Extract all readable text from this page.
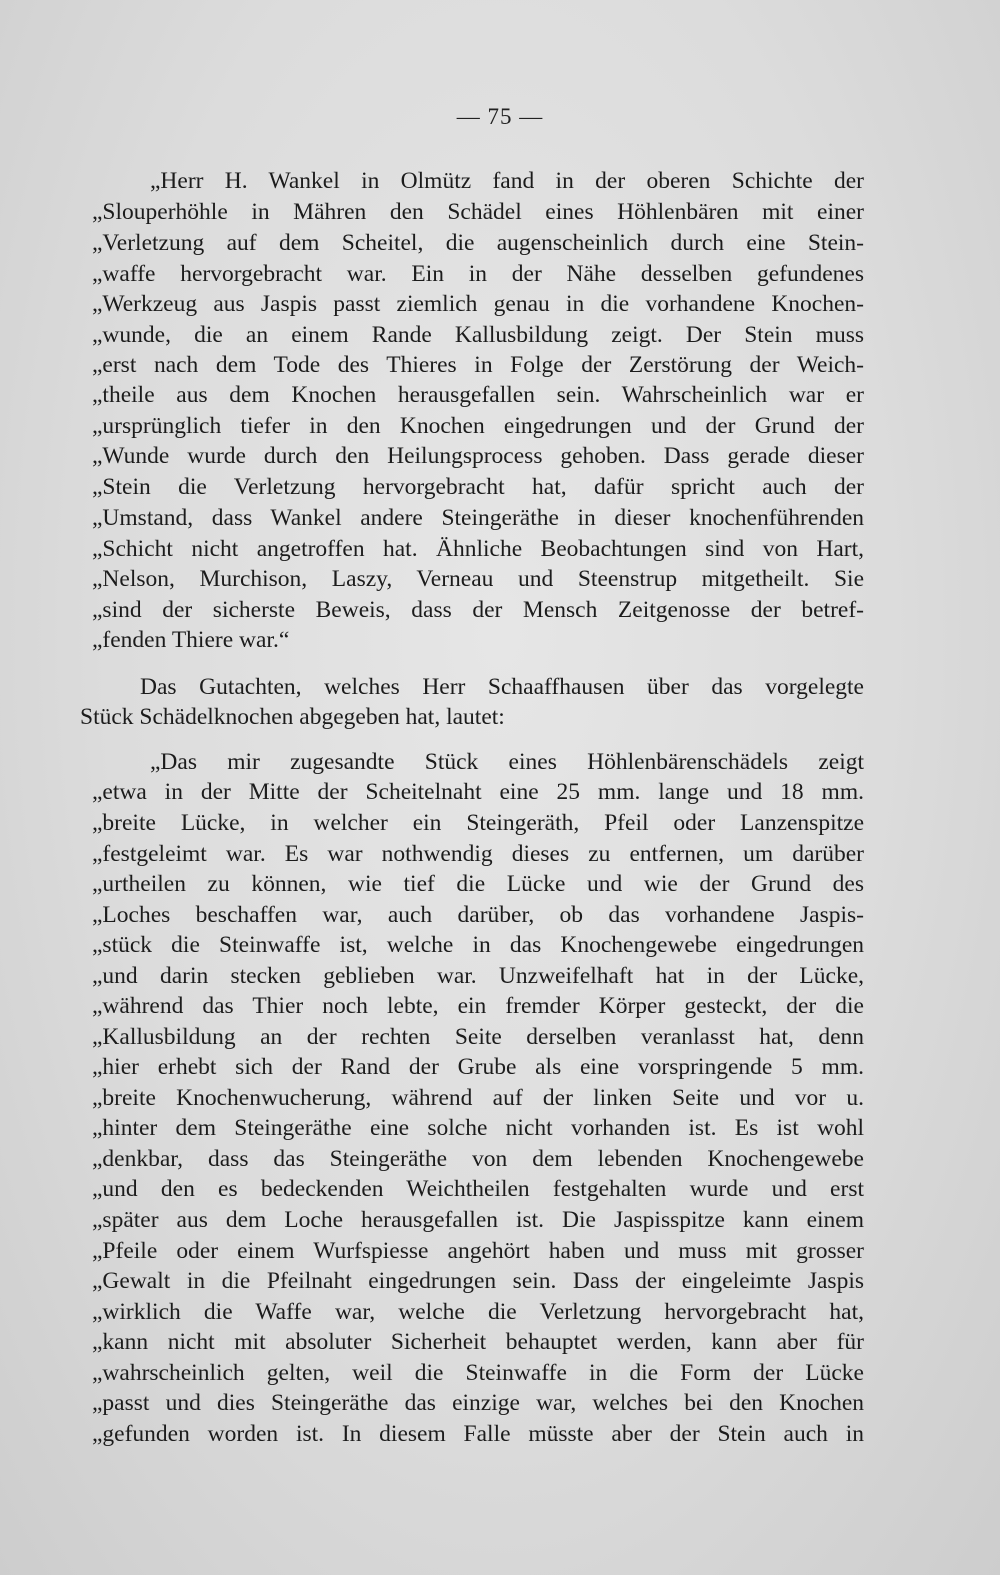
— 75 —
„Herr H. Wankel in Olmütz fand in der oberen Schichte der
„Slouperhöhle in Mähren den Schädel eines Höhlenbären mit einer
„Verletzung auf dem Scheitel, die augenscheinlich durch eine Stein-
„waffe hervorgebracht war. Ein in der Nähe desselben gefundenes
„Werkzeug aus Jaspis passt ziemlich genau in die vorhandene Knochen-
„wunde, die an einem Rande Kallusbildung zeigt. Der Stein muss
„erst nach dem Tode des Thieres in Folge der Zerstörung der Weich-
„theile aus dem Knochen herausgefallen sein. Wahrscheinlich war er
„ursprünglich tiefer in den Knochen eingedrungen und der Grund der
„Wunde wurde durch den Heilungsprocess gehoben. Dass gerade dieser
„Stein die Verletzung hervorgebracht hat, dafür spricht auch der
„Umstand, dass Wankel andere Steingeräthe in dieser knochenführenden
„Schicht nicht angetroffen hat. Ähnliche Beobachtungen sind von Hart,
„Nelson, Murchison, Laszy, Verneau und Steenstrup mitgetheilt. Sie
„sind der sicherste Beweis, dass der Mensch Zeitgenosse der betref-
„fenden Thiere war.“
Das Gutachten, welches Herr Schaaffhausen über das vorgelegte
Stück Schädelknochen abgegeben hat, lautet:
„Das mir zugesandte Stück eines Höhlenbärenschädels zeigt
„etwa in der Mitte der Scheitelnaht eine 25 mm. lange und 18 mm.
„breite Lücke, in welcher ein Steingeräth, Pfeil oder Lanzenspitze
„festgeleimt war. Es war nothwendig dieses zu entfernen, um darüber
„urtheilen zu können, wie tief die Lücke und wie der Grund des
„Loches beschaffen war, auch darüber, ob das vorhandene Jaspis-
„stück die Steinwaffe ist, welche in das Knochengewebe eingedrungen
„und darin stecken geblieben war. Unzweifelhaft hat in der Lücke,
„während das Thier noch lebte, ein fremder Körper gesteckt, der die
„Kallusbildung an der rechten Seite derselben veranlasst hat, denn
„hier erhebt sich der Rand der Grube als eine vorspringende 5 mm.
„breite Knochenwucherung, während auf der linken Seite und vor u.
„hinter dem Steingeräthe eine solche nicht vorhanden ist. Es ist wohl
„denkbar, dass das Steingeräthe von dem lebenden Knochengewebe
„und den es bedeckenden Weichtheilen festgehalten wurde und erst
„später aus dem Loche herausgefallen ist. Die Jaspisspitze kann einem
„Pfeile oder einem Wurfspiesse angehört haben und muss mit grosser
„Gewalt in die Pfeilnaht eingedrungen sein. Dass der eingeleimte Jaspis
„wirklich die Waffe war, welche die Verletzung hervorgebracht hat,
„kann nicht mit absoluter Sicherheit behauptet werden, kann aber für
„wahrscheinlich gelten, weil die Steinwaffe in die Form der Lücke
„passt und dies Steingeräthe das einzige war, welches bei den Knochen
„gefunden worden ist. In diesem Falle müsste aber der Stein auch in
